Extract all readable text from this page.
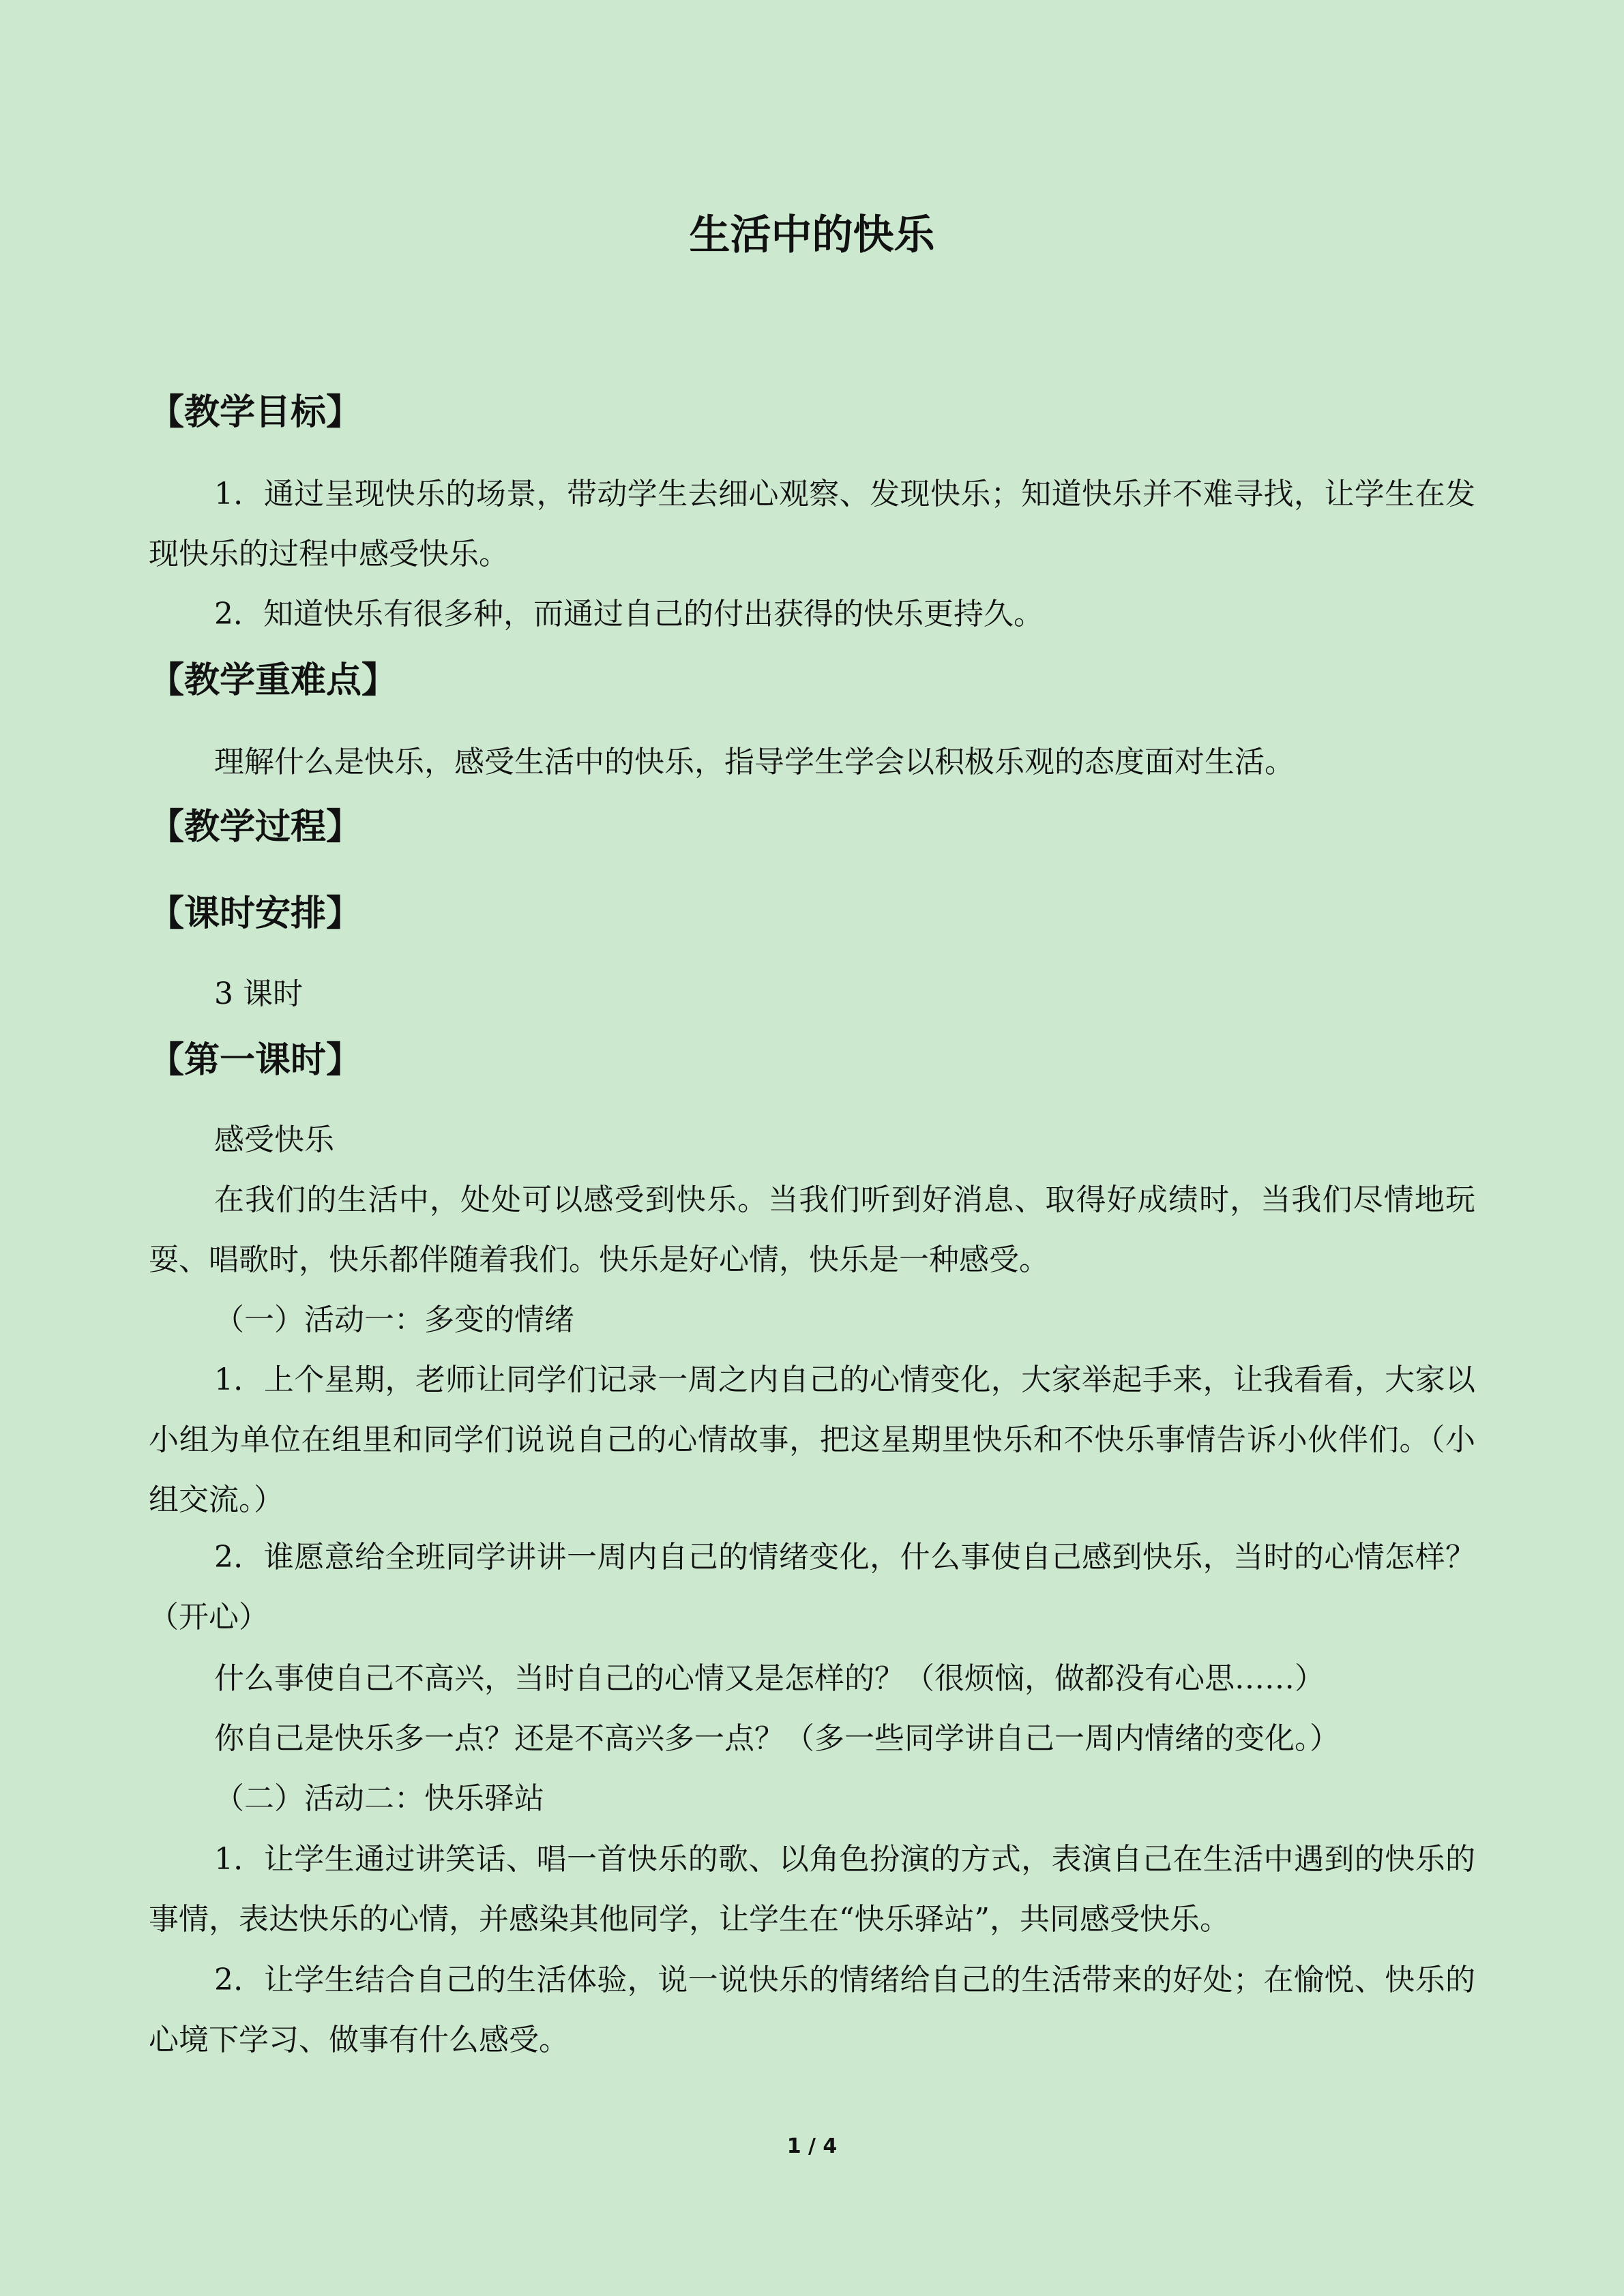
生活中的快乐
【教学目标】
1．通过呈现快乐的场景，带动学生去细心观察、发现快乐；知道快乐并不难寻找，让学生在发现快乐的过程中感受快乐。
2．知道快乐有很多种，而通过自己的付出获得的快乐更持久。
【教学重难点】
理解什么是快乐，感受生活中的快乐，指导学生学会以积极乐观的态度面对生活。
【教学过程】
【课时安排】
3 课时
【第一课时】
感受快乐
在我们的生活中，处处可以感受到快乐。当我们听到好消息、取得好成绩时，当我们尽情地玩耍、唱歌时，快乐都伴随着我们。快乐是好心情，快乐是一种感受。
（一）活动一：多变的情绪
1．上个星期，老师让同学们记录一周之内自己的心情变化，大家举起手来，让我看看，大家以小组为单位在组里和同学们说说自己的心情故事，把这星期里快乐和不快乐事情告诉小伙伴们。（小组交流。）
2．谁愿意给全班同学讲讲一周内自己的情绪变化，什么事使自己感到快乐，当时的心情怎样？（开心）
什么事使自己不高兴，当时自己的心情又是怎样的？（很烦恼，做都没有心思……）
你自己是快乐多一点？还是不高兴多一点？（多一些同学讲自己一周内情绪的变化。）
（二）活动二：快乐驿站
1．让学生通过讲笑话、唱一首快乐的歌、以角色扮演的方式，表演自己在生活中遇到的快乐的事情，表达快乐的心情，并感染其他同学，让学生在“快乐驿站”，共同感受快乐。
2．让学生结合自己的生活体验，说一说快乐的情绪给自己的生活带来的好处；在愉悦、快乐的心境下学习、做事有什么感受。
1 / 4
